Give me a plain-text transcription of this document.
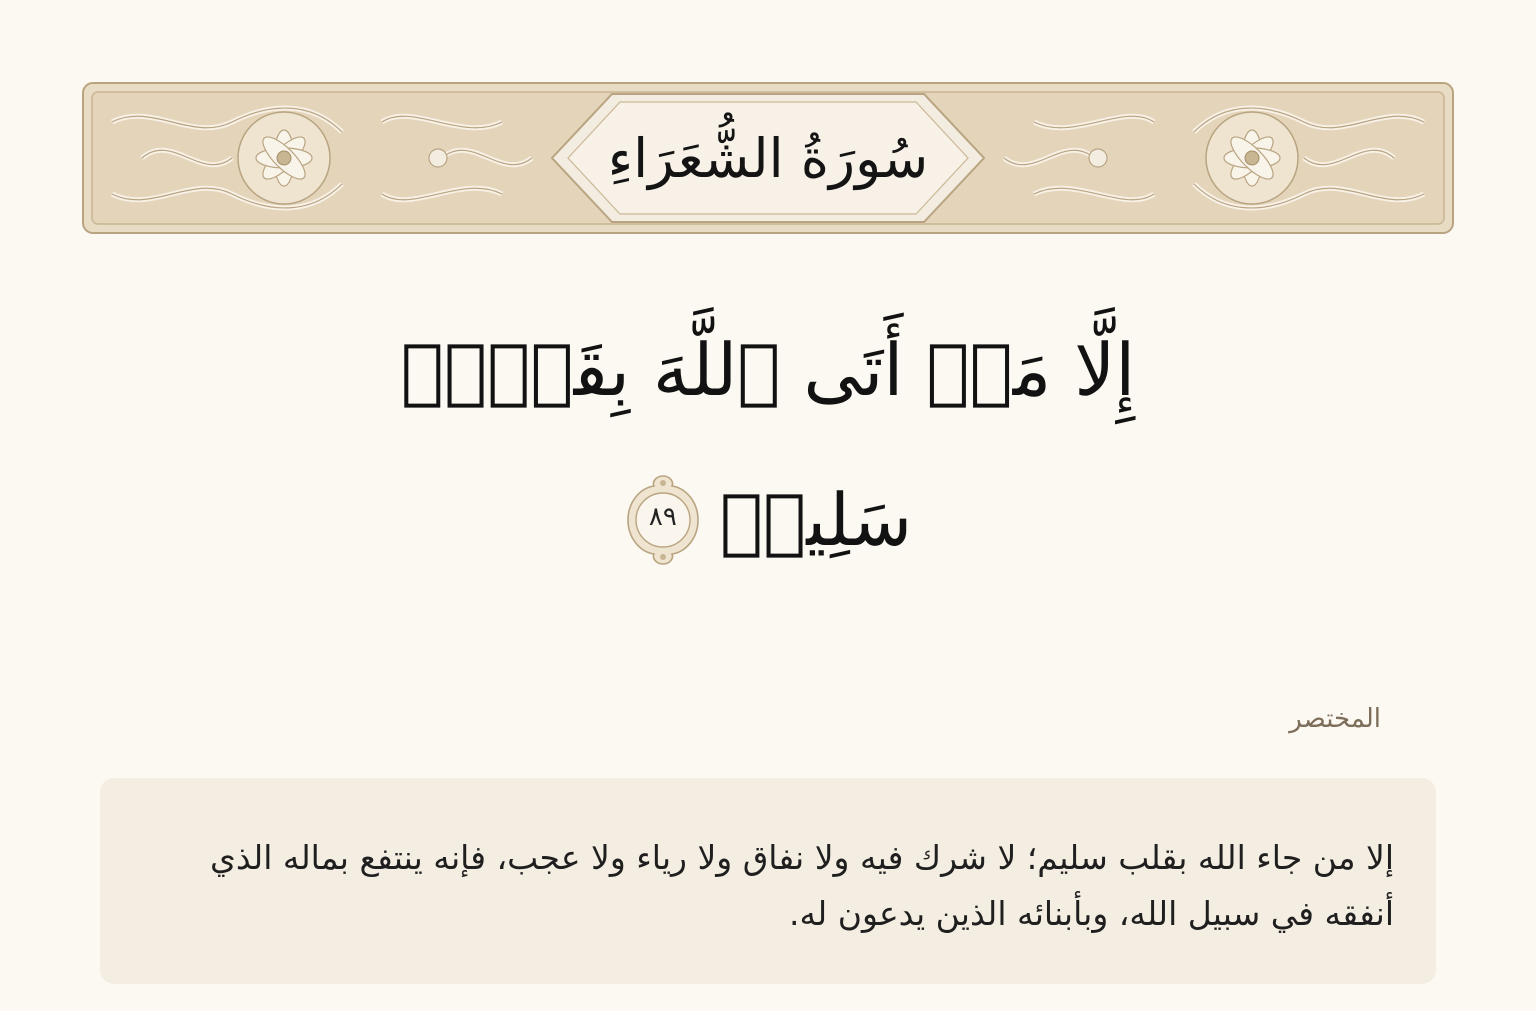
سُورَةُ الشُّعَرَاءِ
إِلَّا مَنۡ أَتَى ٱللَّهَ بِقَلۡبٖ
سَلِيمٖ
٨٩
المختصر
إلا من جاء الله بقلب سليم؛ لا شرك فيه ولا نفاق ولا رياء ولا عجب، فإنه ينتفع بماله الذي أنفقه في سبيل الله، وبأبنائه الذين يدعون له.
